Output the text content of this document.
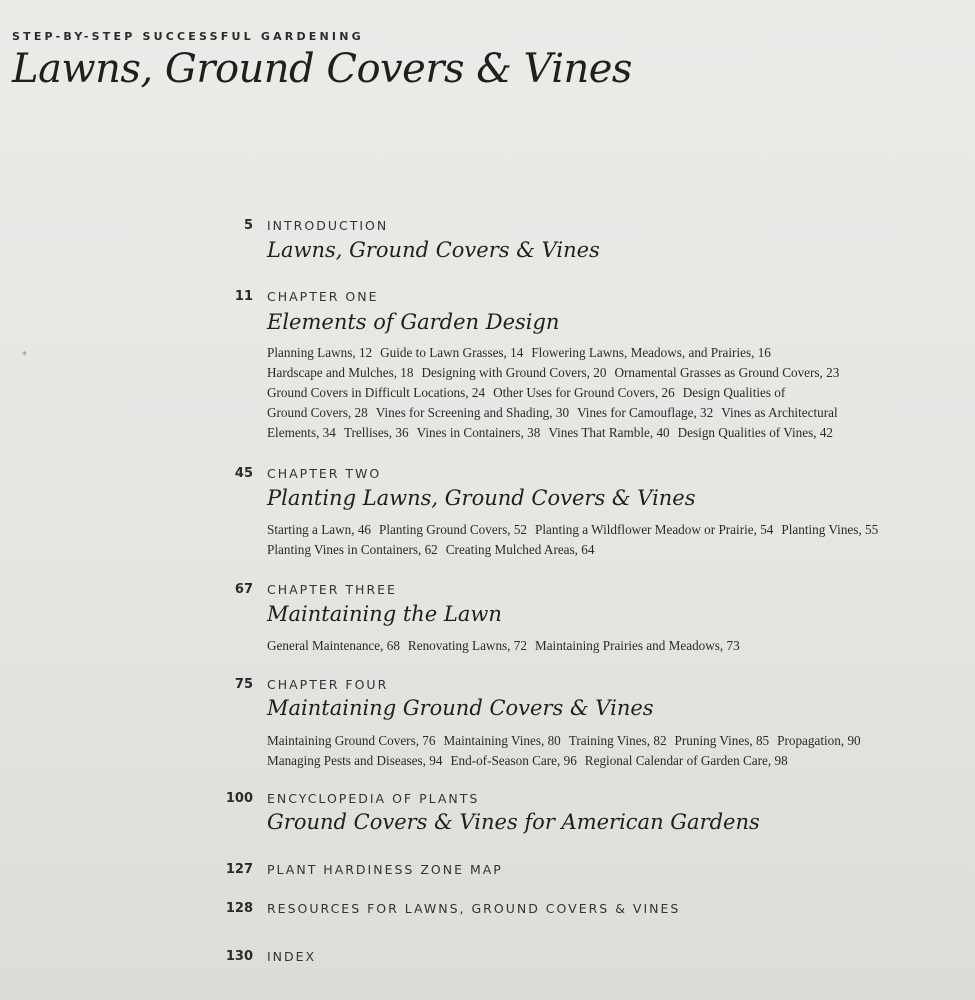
STEP-BY-STEP SUCCESSFUL GARDENING
Lawns, Ground Covers & Vines
⁎
5 INTRODUCTION
Lawns, Ground Covers & Vines
11 CHAPTER ONE
Elements of Garden Design
Planning Lawns, 12 Guide to Lawn Grasses, 14 Flowering Lawns, Meadows, and Prairies, 16
Hardscape and Mulches, 18 Designing with Ground Covers, 20 Ornamental Grasses as Ground Covers, 23
Ground Covers in Difficult Locations, 24 Other Uses for Ground Covers, 26 Design Qualities of
Ground Covers, 28 Vines for Screening and Shading, 30 Vines for Camouflage, 32 Vines as Architectural
Elements, 34 Trellises, 36 Vines in Containers, 38 Vines That Ramble, 40 Design Qualities of Vines, 42
45 CHAPTER TWO
Planting Lawns, Ground Covers & Vines
Starting a Lawn, 46 Planting Ground Covers, 52 Planting a Wildflower Meadow or Prairie, 54 Planting Vines, 55
Planting Vines in Containers, 62 Creating Mulched Areas, 64
67 CHAPTER THREE
Maintaining the Lawn
General Maintenance, 68 Renovating Lawns, 72 Maintaining Prairies and Meadows, 73
75 CHAPTER FOUR
Maintaining Ground Covers & Vines
Maintaining Ground Covers, 76 Maintaining Vines, 80 Training Vines, 82 Pruning Vines, 85 Propagation, 90
Managing Pests and Diseases, 94 End-of-Season Care, 96 Regional Calendar of Garden Care, 98
100 ENCYCLOPEDIA OF PLANTS
Ground Covers & Vines for American Gardens
127 PLANT HARDINESS ZONE MAP
128 RESOURCES FOR LAWNS, GROUND COVERS & VINES
130 INDEX
